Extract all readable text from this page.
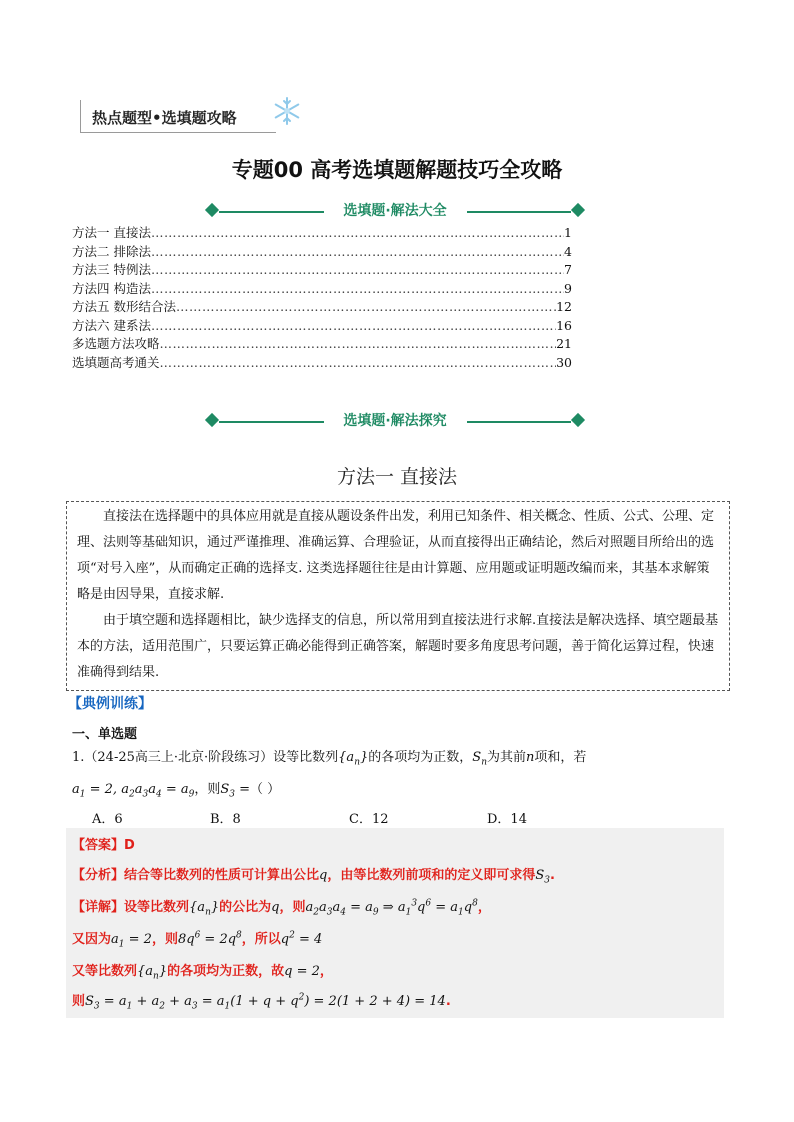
热点题型•选填题攻略
专题00 高考选填题解题技巧全攻略
选填题·解法大全
方法一 直接法 ……………………………………………………………………………………………………………………………………………………	1
方法二 排除法 ……………………………………………………………………………………………………………………………………………………	4
方法三 特例法 ……………………………………………………………………………………………………………………………………………………	7
方法四 构造法 ……………………………………………………………………………………………………………………………………………………	9
方法五 数形结合法 ……………………………………………………………………………………………………………………………………………………	12
方法六 建系法 ……………………………………………………………………………………………………………………………………………………	16
多选题方法攻略 ……………………………………………………………………………………………………………………………………………………	21
选填题高考通关 ……………………………………………………………………………………………………………………………………………………	30
选填题·解法探究
方法一 直接法

直接法在选择题中的具体应用就是直接从题设条件出发，利用已知条件、相关概念、性质、公式、公理、定理、法则等基础知识，通过严谨推理、准确运算、合理验证，从而直接得出正确结论，然后对照题目所给出的选项“对号入座”，从而确定正确的选择支. 这类选择题往往是由计算题、应用题或证明题改编而来，其基本求解策略是由因导果，直接求解.

由于填空题和选择题相比，缺少选择支的信息，所以常用到直接法进行求解.直接法是解决选择、填空题最基本的方法，适用范围广，只要运算正确必能得到正确答案，解题时要多角度思考问题，善于简化运算过程，快速准确得到结果.

【典例训练】
一、单选题
1.（24-25高三上·北京·阶段练习）设等比数列$\{a_n\}$的各项均为正数，$S_n$为其前n项和，若
$a_1 = 2$, $a_2a_3a_4 = a_9$，则$S_3$ =（ ）
A．6	B．8	C．12	D．14
【答案】D
【分析】结合等比数列的性质可计算出公比q，由等比数列前项和的定义即可求得$S_3$.
【详解】设等比数列$\{a_n\}$的公比为q，则$a_2a_3a_4 = a_9$ ⇒ $a_1^3q^6 = a_1q^8$，
又因为$a_1 = 2$，则$8q^6 = 2q^8$，所以$q^2 = 4$
又等比数列$\{a_n\}$的各项均为正数，故q = 2，
则$S_3 = a_1 + a_2 + a_3 = a_1(1 + q + q^2) = 2(1 + 2 + 4) = 14$.
